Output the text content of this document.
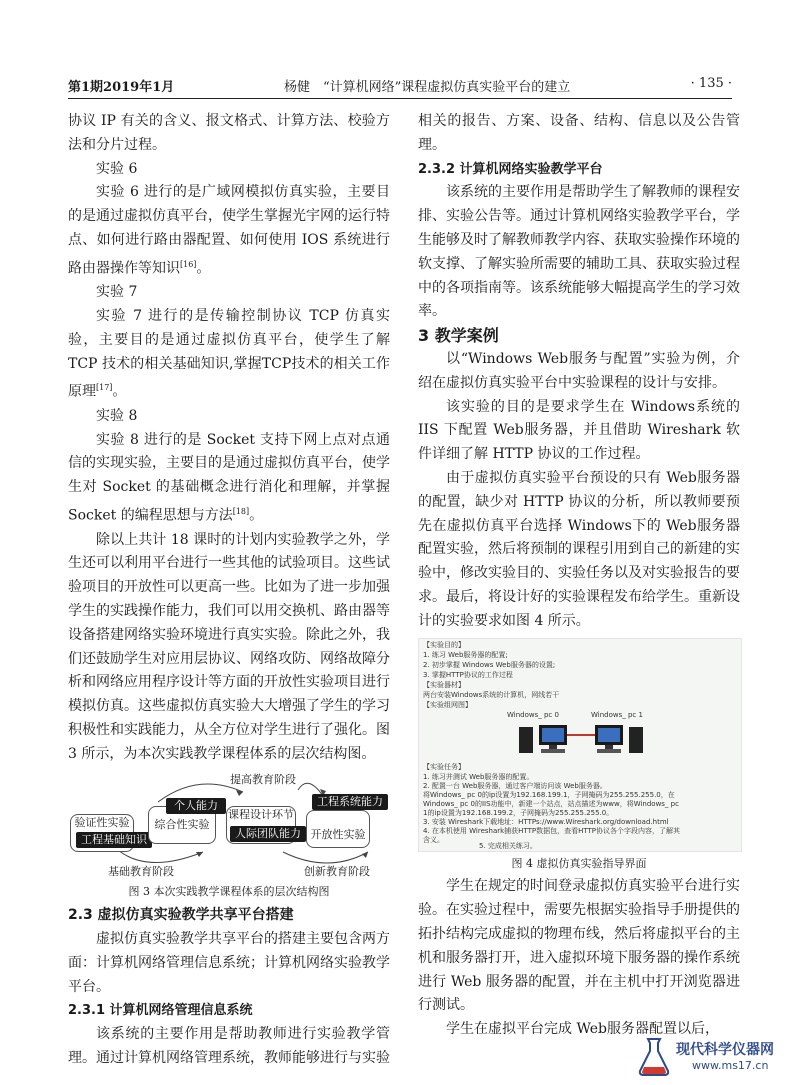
第1期2019年1月	杨健　“计算机网络”课程虚拟仿真实验平台的建立	· 135 ·

协议 IP 有关的含义、报文格式、计算方法、校验方法和分片过程。

实验 6

实验 6 进行的是广域网模拟仿真实验，主要目的是通过虚拟仿真平台，使学生掌握光宇网的运行特点、如何进行路由器配置、如何使用 IOS 系统进行路由器操作等知识[16]。

实验 7

实验 7 进行的是传输控制协议 TCP 仿真实验，主要目的是通过虚拟仿真平台，使学生了解 TCP 技术的相关基础知识,掌握TCP技术的相关工作原理[17]。

实验 8

实验 8 进行的是 Socket 支持下网上点对点通信的实现实验，主要目的是通过虚拟仿真平台，使学生对 Socket 的基础概念进行消化和理解，并掌握 Socket 的编程思想与方法[18]。

除以上共计 18 课时的计划内实验教学之外，学生还可以利用平台进行一些其他的试验项目。这些试验项目的开放性可以更高一些。比如为了进一步加强学生的实践操作能力，我们可以用交换机、路由器等设备搭建网络实验环境进行真实实验。除此之外，我们还鼓励学生对应用层协议、网络攻防、网络故障分析和网络应用程序设计等方面的开放性实验项目进行模拟仿真。这些虚拟仿真实验大大增强了学生的学习积极性和实践能力，从全方位对学生进行了强化。图 3 所示，为本次实践教学课程体系的层次结构图。

提高教育阶段
验证性实验
工程基础知识
综合性实验
个人能力
课程设计环节
人际团队能力 开放性实验
工程系统能力
基础教育阶段	创新教育阶段

图 3 本次实践教学课程体系的层次结构图

2.3 虚拟仿真实验教学共享平台搭建

虚拟仿真实验教学共享平台的搭建主要包含两方面：计算机网络管理信息系统；计算机网络实验教学平台。

2.3.1 计算机网络管理信息系统

该系统的主要作用是帮助教师进行实验教学管理。通过计算机网络管理系统，教师能够进行与实验

相关的报告、方案、设备、结构、信息以及公告管理。

2.3.2 计算机网络实验教学平台

该系统的主要作用是帮助学生了解教师的课程安排、实验公告等。通过计算机网络实验教学平台，学生能够及时了解教师教学内容、获取实验操作环境的软支撑、了解实验所需要的辅助工具、获取实验过程中的各项指南等。该系统能够大幅提高学生的学习效率。

3 教学案例

以“Windows Web服务与配置”实验为例，介绍在虚拟仿真实验平台中实验课程的设计与安排。

该实验的目的是要求学生在 Windows系统的IIS 下配置 Web服务器，并且借助 Wireshark 软件详细了解 HTTP 协议的工作过程。

由于虚拟仿真实验平台预设的只有 Web服务器的配置，缺少对 HTTP 协议的分析，所以教师要预先在虚拟仿真平台选择 Windows下的 Web服务器配置实验，然后将预制的课程引用到自己的新建的实验中，修改实验目的、实验任务以及对实验报告的要求。最后，将设计好的实验课程发布给学生。重新设计的实验要求如图 4 所示。

【实验目的】
1. 练习 Web服务器的配置;
2. 初步掌握 Windows Web服务器的设置;
3. 掌握HTTP协议的工作过程
【实验器材】
两台安装Windows系统的计算机，网线若干
【实验组网图】
Windows_ pc 0	Windows_ pc 1
【实验任务】
1. 练习并测试 Web服务器的配置。
2. 配置一台 Web服务器，通过客户端访问该 Web服务器。
将Windows_ pc 0的ip设置为192.168.199.1，子网掩码为255.255.255.0，在
Windows_ pc 0的IIS功能中，新建一个站点，站点描述为www，将Windows_ pc
1的ip设置为192.168.199.2，子网掩码为255.255.255.0。
3. 安装 Wireshark下载地址：HTTPs://www.Wireshark.org/download.html
4. 在本机使用 Wireshark捕获HTTP数据包，查看HTTP协议各个字段内容，了解其
含义。
5. 完成相关练习。

图 4 虚拟仿真实验指导界面

学生在规定的时间登录虚拟仿真实验平台进行实验。在实验过程中，需要先根据实验指导手册提供的拓扑结构完成虚拟的物理布线，然后将虚拟平台的主机和服务器打开，进入虚拟环境下服务器的操作系统进行 Web 服务器的配置，并在主机中打开浏览器进行测试。

学生在虚拟平台完成 Web服务器配置以后，

现代科学仪器网
www.ms17.cn
